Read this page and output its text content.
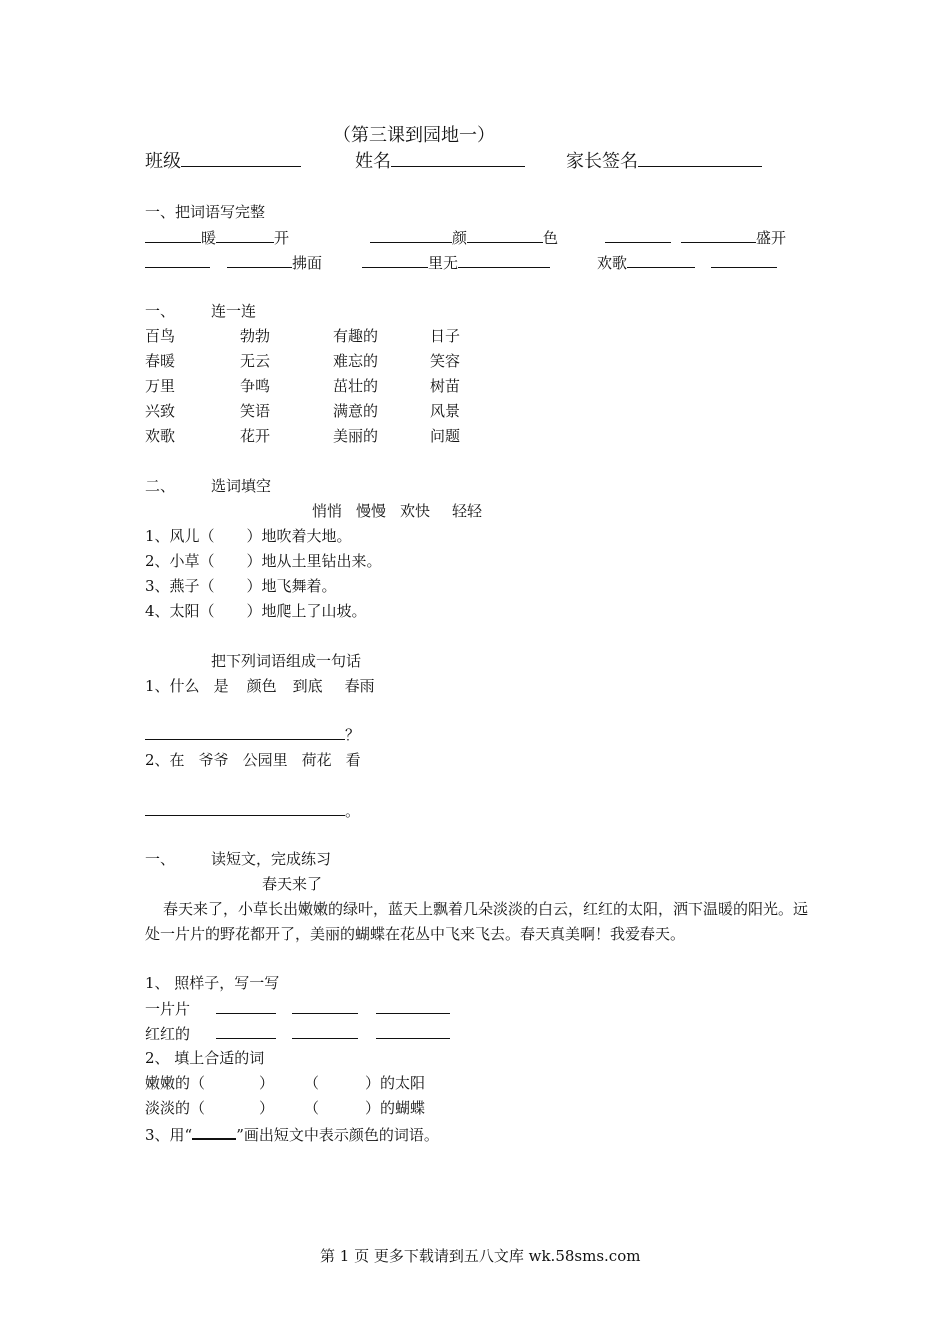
（第三课到园地一）
班级	姓名	家长签名
一、把词语写完整
暖	开	颜	色	盛开
拂面	里无	欢歌
一、 连一连
百鸟	勃勃	有趣的	日子
春暖	无云	难忘的	笑容
万里	争鸣	茁壮的	树苗
兴致	笑语	满意的	风景
欢歌	花开	美丽的	问题
二、 选词填空
悄悄 慢慢 欢快 轻轻
1、风儿（ ）地吹着大地。
2、小草（ ）地从土里钻出来。
3、燕子（ ）地飞舞着。
4、太阳（ ）地爬上了山坡。
把下列词语组成一句话
1、什么 是 颜色 到底 春雨
？
2、在 爷爷 公园里 荷花 看
。
一、 读短文，完成练习
春天来了
春天来了，小草长出嫩嫩的绿叶，蓝天上飘着几朵淡淡的白云，红红的太阳，洒下温暖的阳光。远处一片片的野花都开了，美丽的蝴蝶在花丛中飞来飞去。春天真美啊！我爱春天。
1、 照样子，写一写
一片片
红红的
2、 填上合适的词
嫩嫩的（	） （	）的太阳
淡淡的（	） （	）的蝴蝶
3、用“	”画出短文中表示颜色的词语。
第 1 页 更多下载请到五八文库 wk.58sms.com
